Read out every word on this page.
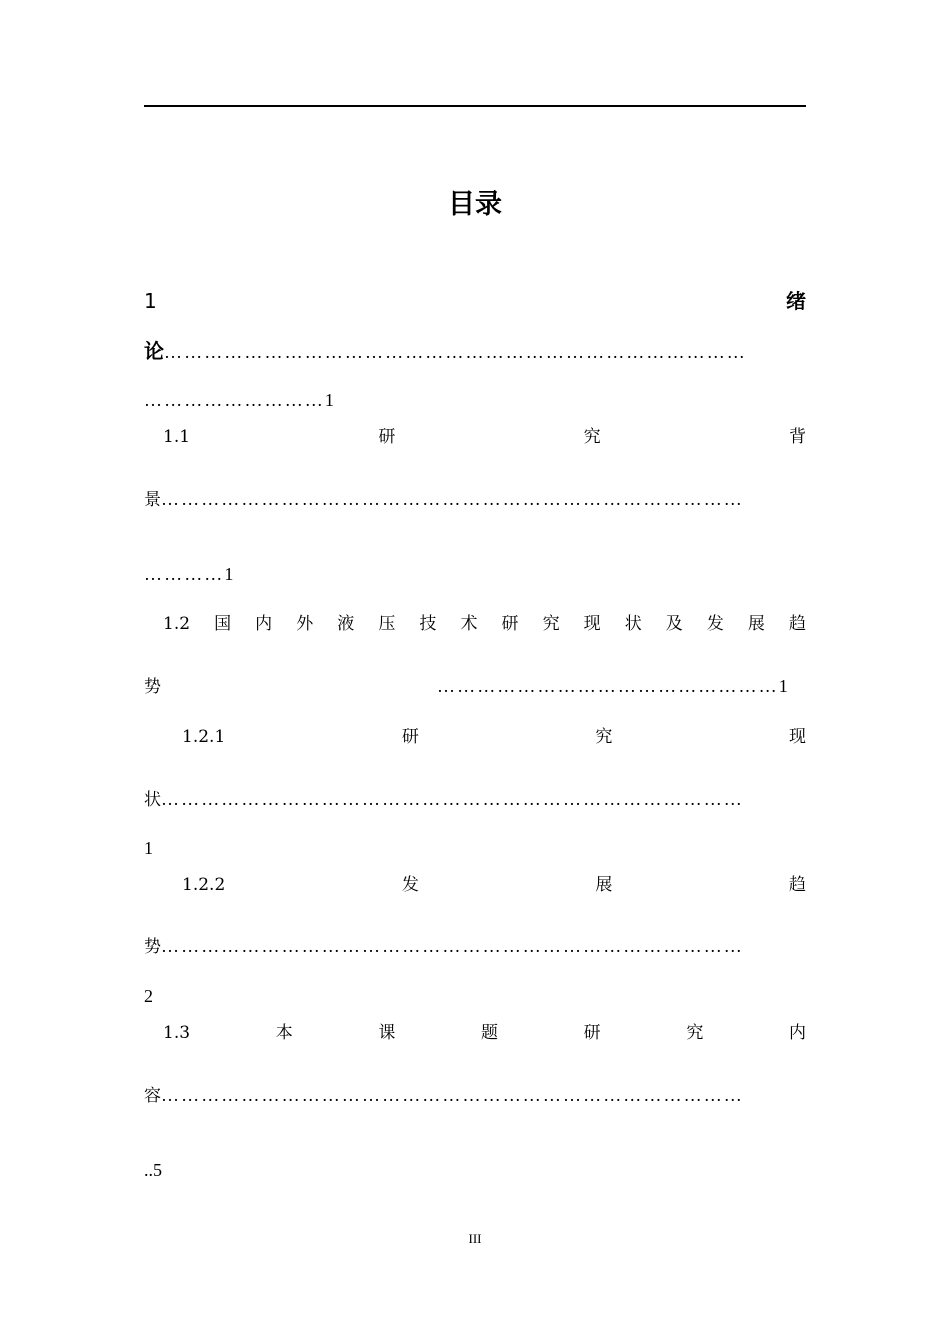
目录
1	绪
论……………………………………………………………………………
………………………1
1.1	研	究	背
景……………………………………………………………………………
…………1
1.2 国 内 外 液 压 技 术 研 究 现 状 及 发 展 趋
势	……………………………………………1
1.2.1	研	究	现
状……………………………………………………………………………
1
1.2.2	发	展	趋
势……………………………………………………………………………
2
1.3	本	课	题	研	究	内
容……………………………………………………………………………
..5
III
